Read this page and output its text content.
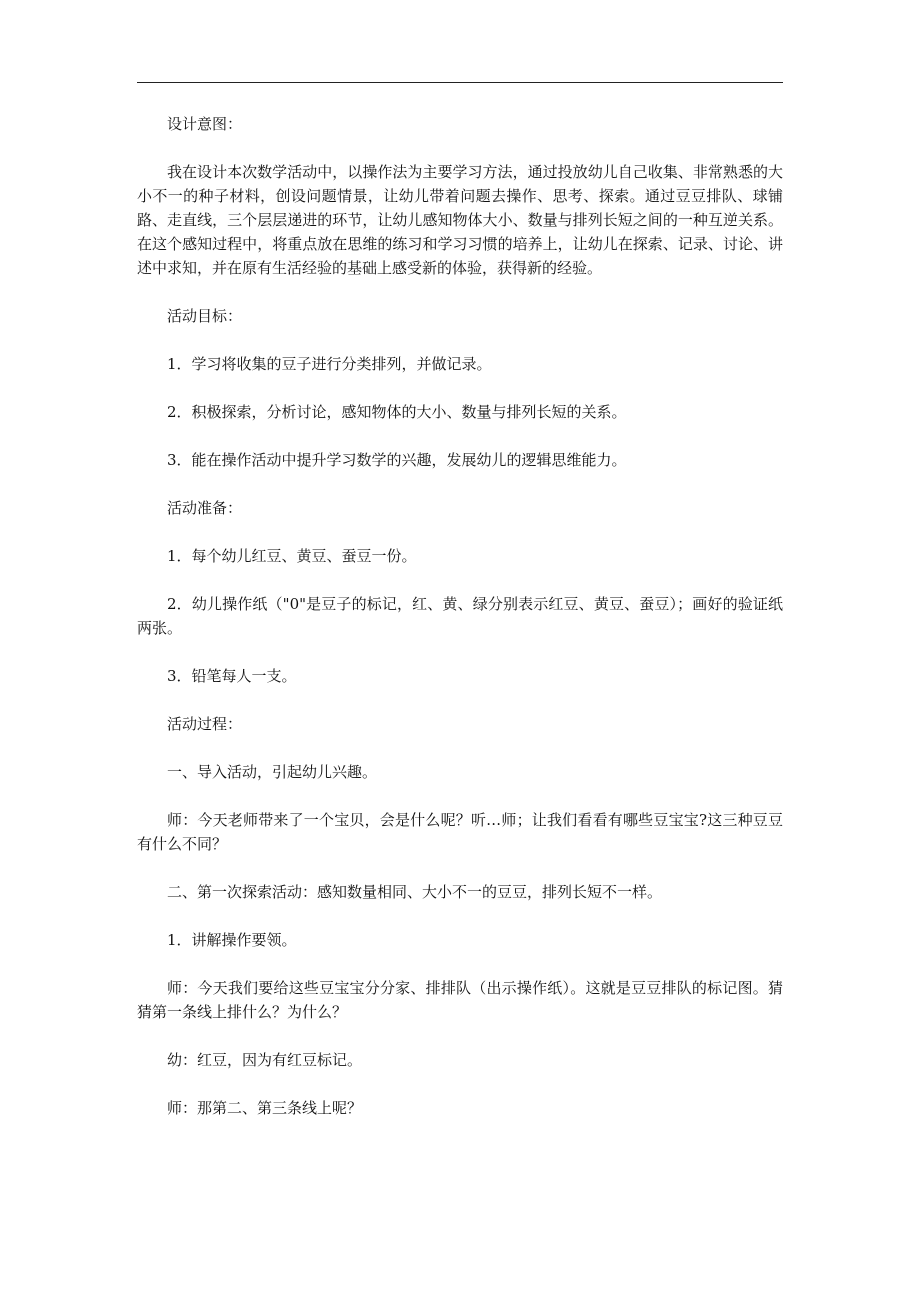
设计意图：

我在设计本次数学活动中，以操作法为主要学习方法，通过投放幼儿自己收集、非常熟悉的大小不一的种子材料，创设问题情景，让幼儿带着问题去操作、思考、探索。通过豆豆排队、球铺路、走直线，三个层层递进的环节，让幼儿感知物体大小、数量与排列长短之间的一种互逆关系。在这个感知过程中，将重点放在思维的练习和学习习惯的培养上，让幼儿在探索、记录、讨论、讲述中求知，并在原有生活经验的基础上感受新的体验，获得新的经验。

活动目标：

1．学习将收集的豆子进行分类排列，并做记录。

2．积极探索，分析讨论，感知物体的大小、数量与排列长短的关系。

3．能在操作活动中提升学习数学的兴趣，发展幼儿的逻辑思维能力。

活动准备：

1．每个幼儿红豆、黄豆、蚕豆一份。

2．幼儿操作纸（"0"是豆子的标记，红、黄、绿分别表示红豆、黄豆、蚕豆）；画好的验证纸两张。

3．铅笔每人一支。

活动过程：

一、导入活动，引起幼儿兴趣。

师：今天老师带来了一个宝贝，会是什么呢？听…师；让我们看看有哪些豆宝宝?这三种豆豆有什么不同？

二、第一次探索活动：感知数量相同、大小不一的豆豆，排列长短不一样。

1．讲解操作要领。

师：今天我们要给这些豆宝宝分分家、排排队（出示操作纸）。这就是豆豆排队的标记图。猜猜第一条线上排什么？为什么？

幼：红豆，因为有红豆标记。

师：那第二、第三条线上呢？
